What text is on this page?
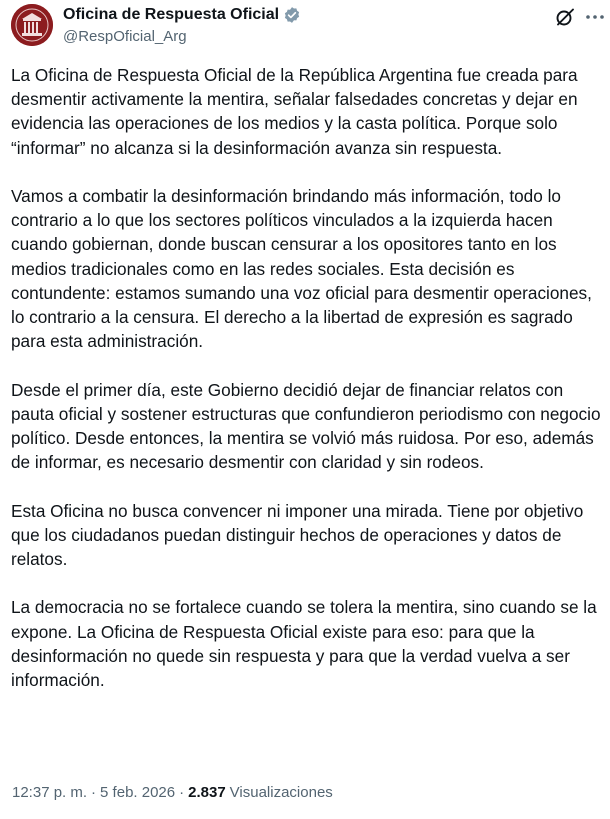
Oficina de Respuesta Oficial
@RespOficial_Arg

La Oficina de Respuesta Oficial de la República Argentina fue creada para desmentir activamente la mentira, señalar falsedades concretas y dejar en evidencia las operaciones de los medios y la casta política. Porque solo “informar” no alcanza si la desinformación avanza sin respuesta.

Vamos a combatir la desinformación brindando más información, todo lo contrario a lo que los sectores políticos vinculados a la izquierda hacen cuando gobiernan, donde buscan censurar a los opositores tanto en los medios tradicionales como en las redes sociales. Esta decisión es contundente: estamos sumando una voz oficial para desmentir operaciones, lo contrario a la censura. El derecho a la libertad de expresión es sagrado para esta administración.

Desde el primer día, este Gobierno decidió dejar de financiar relatos con pauta oficial y sostener estructuras que confundieron periodismo con negocio político. Desde entonces, la mentira se volvió más ruidosa. Por eso, además de informar, es necesario desmentir con claridad y sin rodeos.

Esta Oficina no busca convencer ni imponer una mirada. Tiene por objetivo que los ciudadanos puedan distinguir hechos de operaciones y datos de relatos.

La democracia no se fortalece cuando se tolera la mentira, sino cuando se la expone. La Oficina de Respuesta Oficial existe para eso: para que la desinformación no quede sin respuesta y para que la verdad vuelva a ser información.

12:37 p. m. · 5 feb. 2026 · 2.837 Visualizaciones
